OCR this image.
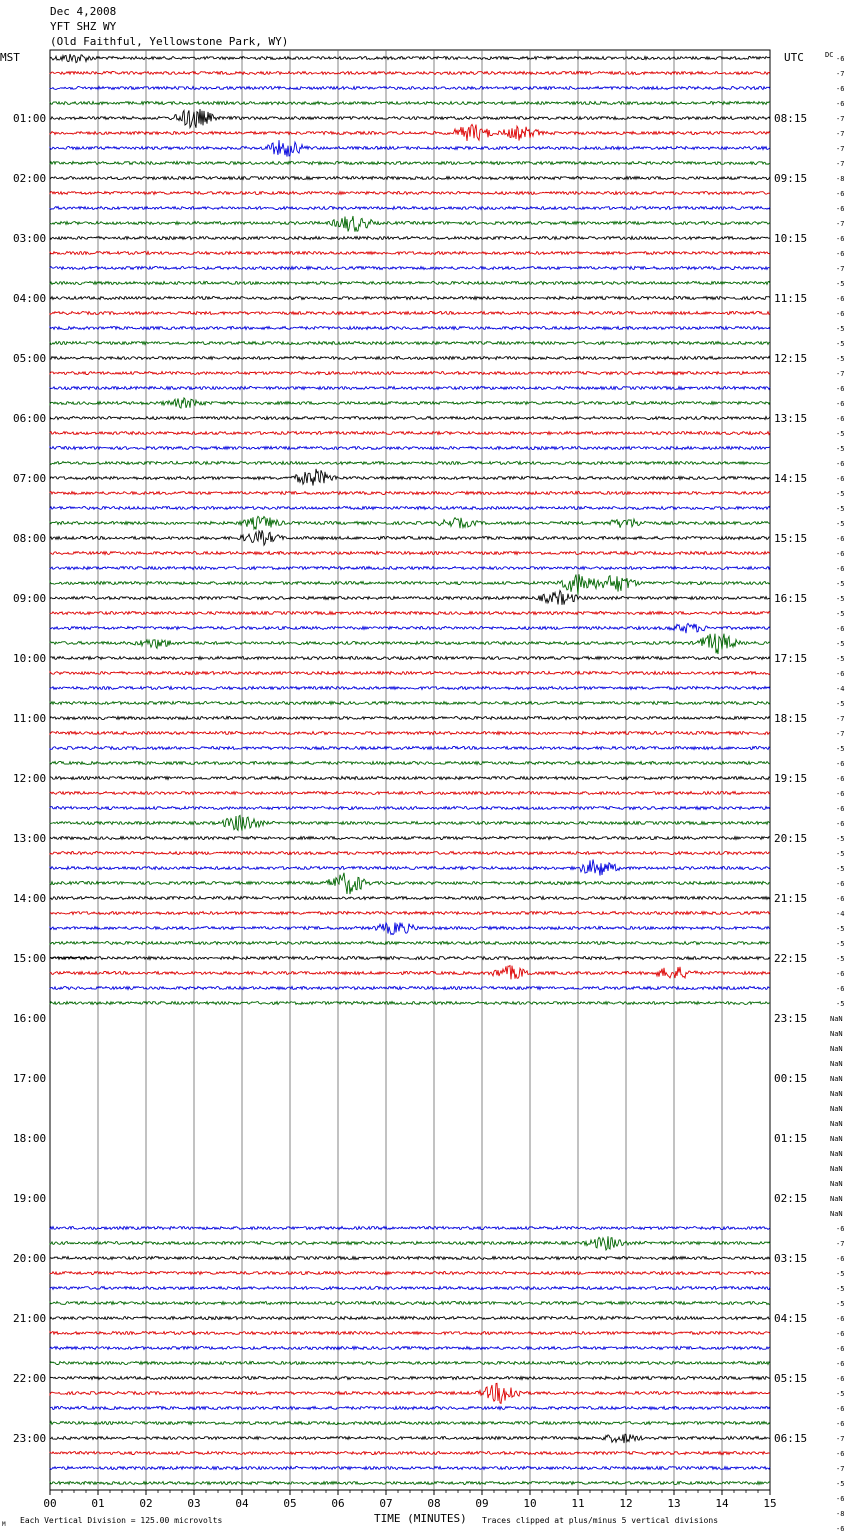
Dec 4,2008
YFT SHZ WY
(Old Faithful, Yellowstone Park, WY)
01:00
02:00
03:00
04:00
05:00
06:00
07:00
08:00
09:00
10:00
11:00
12:00
13:00
14:00
15:00
16:00
17:00
18:00
19:00
20:00
21:00
22:00
23:00
08:15
09:15
10:15
11:15
12:15
13:15
14:15
15:15
16:15
17:15
18:15
19:15
20:15
21:15
22:15
23:15
00:15
01:15
02:15
03:15
04:15
05:15
06:15
-6
-7
-6
-6
-7
-7
-7
-7
-8
-6
-6
-7
-6
-6
-7
-5
-6
-6
-5
-5
-5
-7
-6
-6
-6
-5
-5
-6
-6
-5
-5
-5
-6
-6
-6
-5
-5
-5
-6
-5
-5
-6
-4
-5
-7
-7
-5
-6
-6
-6
-6
-6
-5
-5
-5
-6
-6
-4
-5
-5
-5
-6
-6
-5
NaN
NaN
NaN
NaN
NaN
NaN
NaN
NaN
NaN
NaN
NaN
NaN
NaN
NaN
-6
-7
-6
-5
-5
-5
-6
-6
-6
-6
-6
-5
-6
-6
-7
-6
-7
-5
-6
-8
-6
00	01	02	03	04	05	06	07	08	09	10	11	12	13	14	15
MST	UTC	DC
TIME (MINUTES)
Each Vertical Division = 125.00 microvolts	Traces clipped at plus/minus 5 vertical divisions
M
